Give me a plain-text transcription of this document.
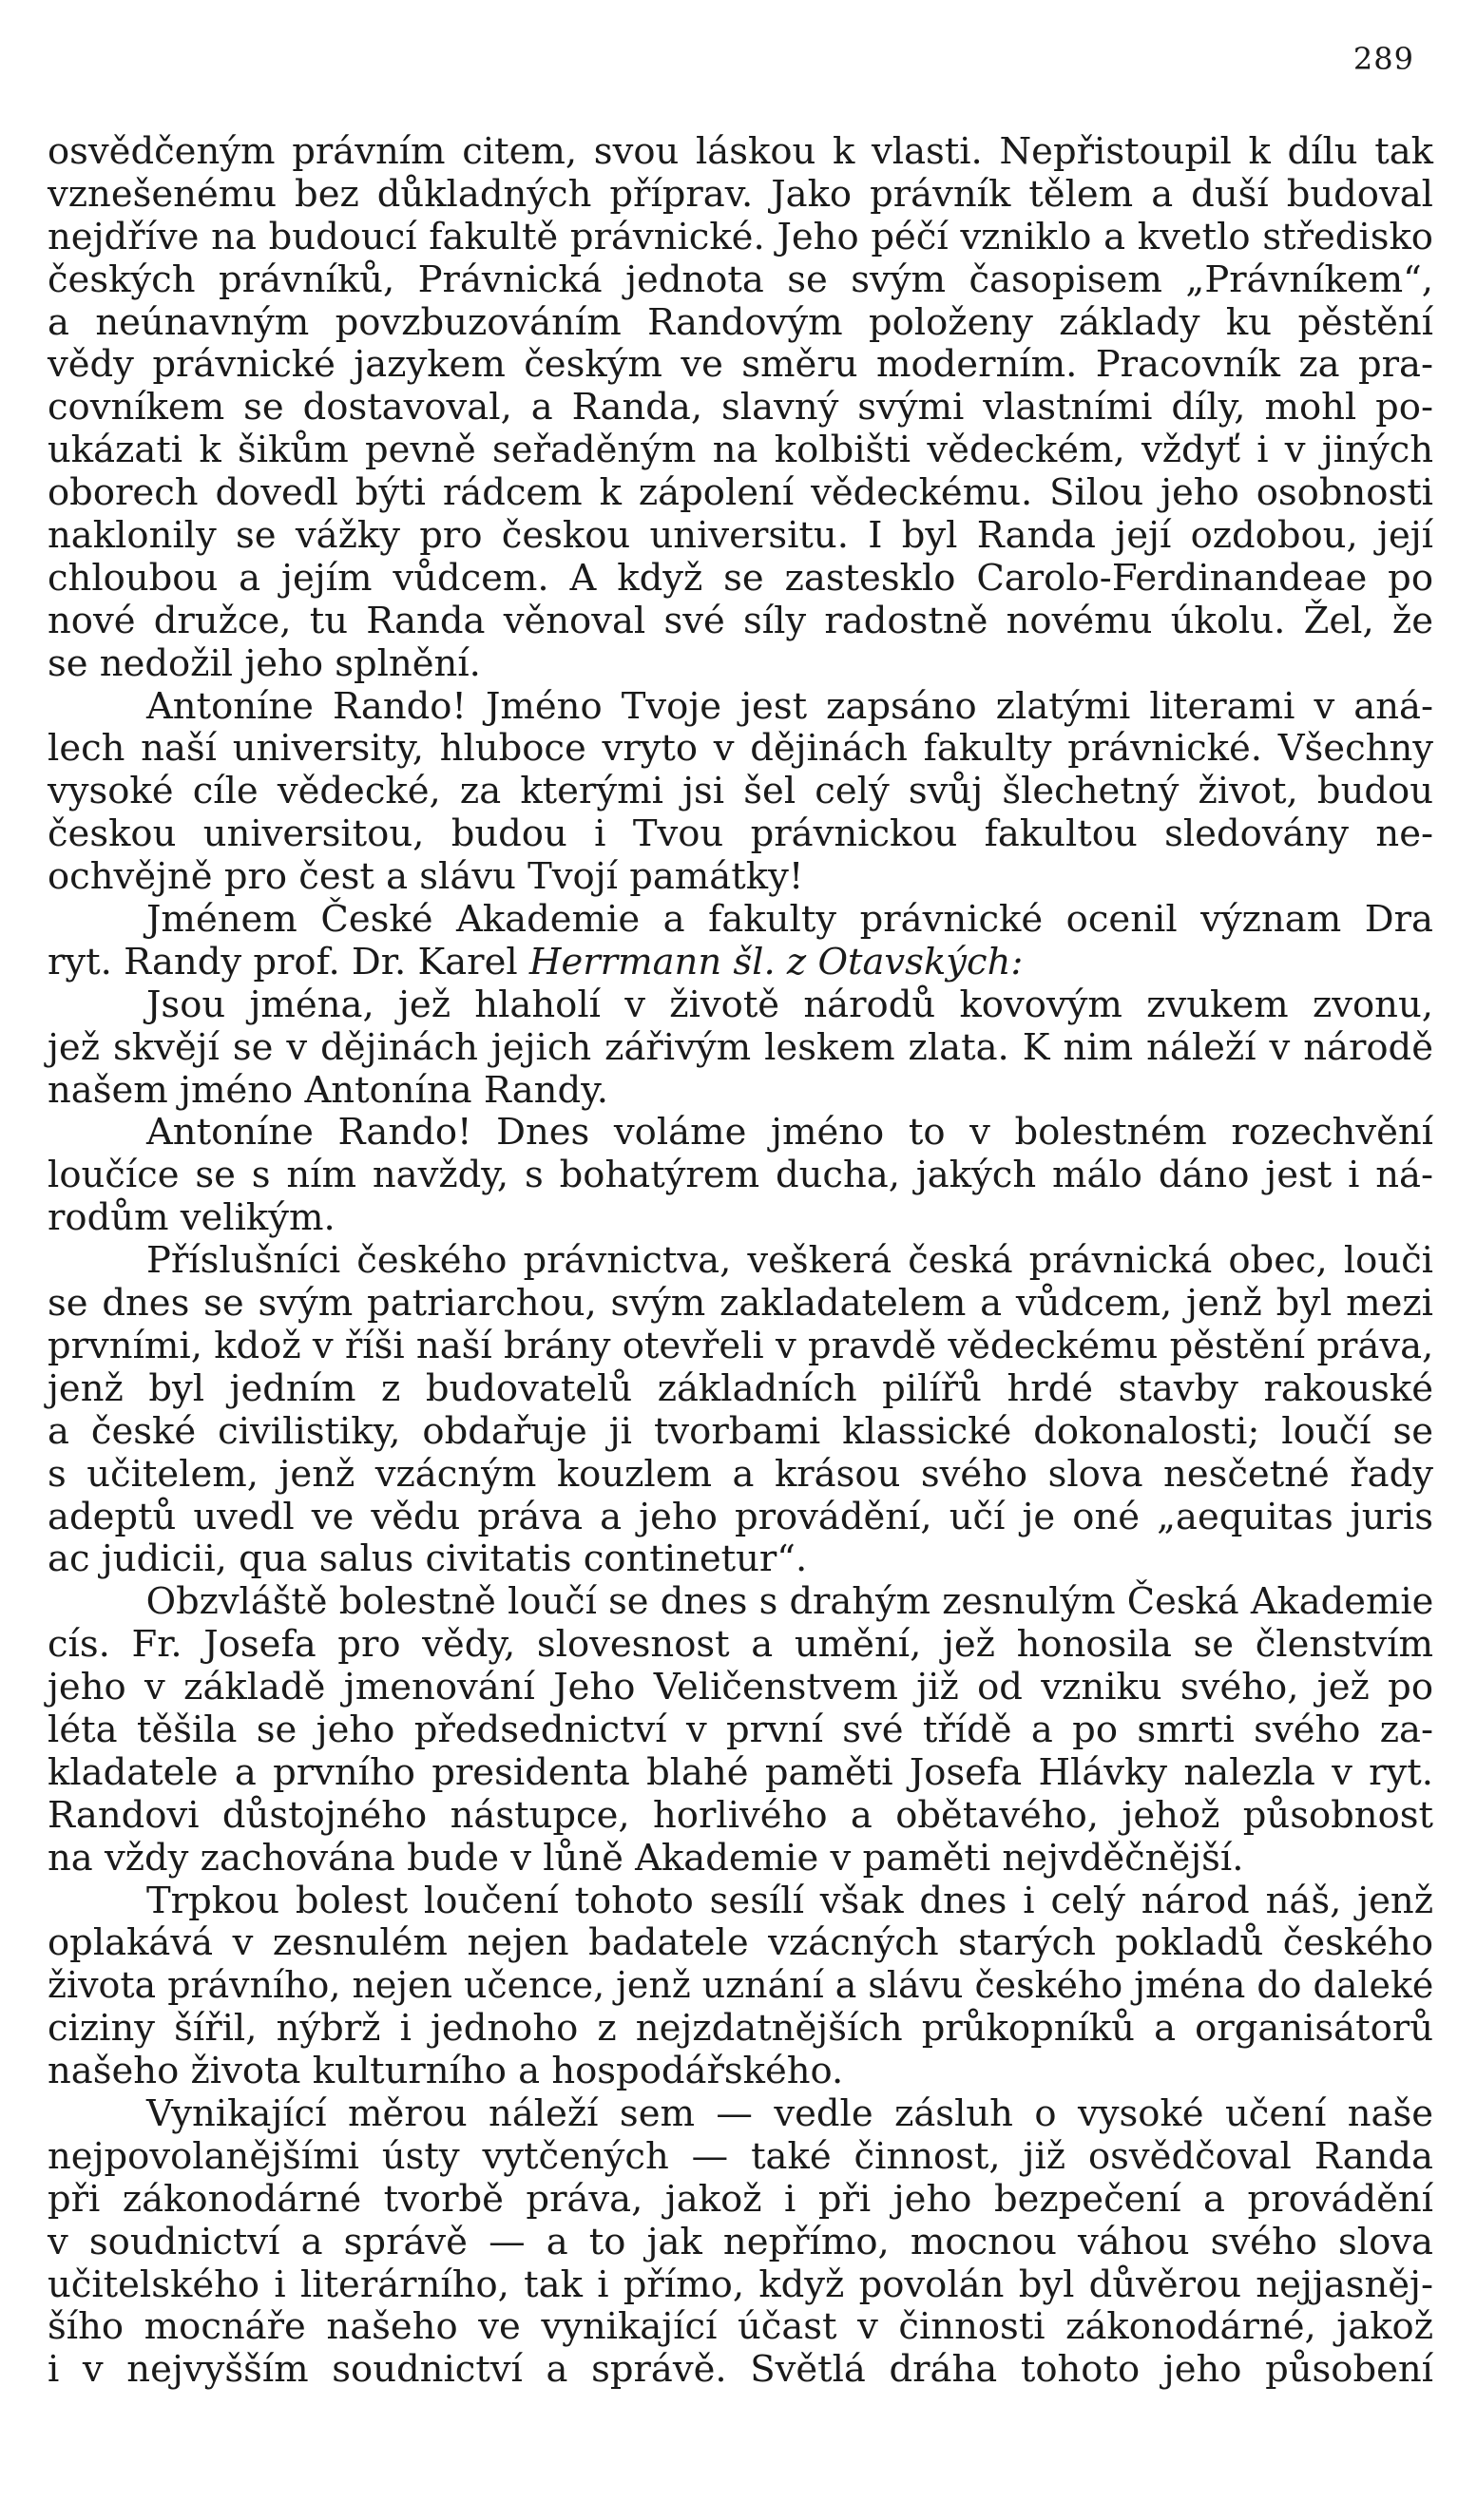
289
osvědčeným právním citem, svou láskou k vlasti. Nepřistoupil k dílu tak
vznešenému bez důkladných příprav. Jako právník tělem a duší budoval
nejdříve na budoucí fakultě právnické. Jeho péčí vzniklo a kvetlo středisko
českých právníků, Právnická jednota se svým časopisem „Právníkem“,
a neúnavným povzbuzováním Randovým položeny základy ku pěstění
vědy právnické jazykem českým ve směru moderním. Pracovník za pra-
covníkem se dostavoval, a Randa, slavný svými vlastními díly, mohl po-
ukázati k šikům pevně seřaděným na kolbišti vědeckém, vždyť i v jiných
oborech dovedl býti rádcem k zápolení vědeckému. Silou jeho osobnosti
naklonily se vážky pro českou universitu. I byl Randa její ozdobou, její
chloubou a jejím vůdcem. A když se zastesklo Carolo-Ferdinandeae po
nové družce, tu Randa věnoval své síly radostně novému úkolu. Žel, že
se nedožil jeho splnění.
Antoníne Rando! Jméno Tvoje jest zapsáno zlatými literami v aná-
lech naší university, hluboce vryto v dějinách fakulty právnické. Všechny
vysoké cíle vědecké, za kterými jsi šel celý svůj šlechetný život, budou
českou universitou, budou i Tvou právnickou fakultou sledovány ne-
ochvějně pro čest a slávu Tvojí památky!
Jménem České Akademie a fakulty právnické ocenil význam Dra
ryt. Randy prof. Dr. Karel Herrmann šl. z Otavských:
Jsou jména, jež hlaholí v životě národů kovovým zvukem zvonu,
jež skvějí se v dějinách jejich zářivým leskem zlata. K nim náleží v národě
našem jméno Antonína Randy.
Antoníne Rando! Dnes voláme jméno to v bolestném rozechvění
loučíce se s ním navždy, s bohatýrem ducha, jakých málo dáno jest i ná-
rodům velikým.
Příslušníci českého právnictva, veškerá česká právnická obec, louči
se dnes se svým patriarchou, svým zakladatelem a vůdcem, jenž byl mezi
prvními, kdož v říši naší brány otevřeli v pravdě vědeckému pěstění práva,
jenž byl jedním z budovatelů základních pilířů hrdé stavby rakouské
a české civilistiky, obdařuje ji tvorbami klassické dokonalosti; loučí se
s učitelem, jenž vzácným kouzlem a krásou svého slova nesčetné řady
adeptů uvedl ve vědu práva a jeho provádění, učí je oné „aequitas juris
ac judicii, qua salus civitatis continetur“.
Obzvláště bolestně loučí se dnes s drahým zesnulým Česká Akademie
cís. Fr. Josefa pro vědy, slovesnost a umění, jež honosila se členstvím
jeho v základě jmenování Jeho Veličenstvem již od vzniku svého, jež po
léta těšila se jeho předsednictví v první své třídě a po smrti svého za-
kladatele a prvního presidenta blahé paměti Josefa Hlávky nalezla v ryt.
Randovi důstojného nástupce, horlivého a obětavého, jehož působnost
na vždy zachována bude v lůně Akademie v paměti nejvděčnější.
Trpkou bolest loučení tohoto sesílí však dnes i celý národ náš, jenž
oplakává v zesnulém nejen badatele vzácných starých pokladů českého
života právního, nejen učence, jenž uznání a slávu českého jména do daleké
ciziny šířil, nýbrž i jednoho z nejzdatnějších průkopníků a organisátorů
našeho života kulturního a hospodářského.
Vynikající měrou náleží sem — vedle zásluh o vysoké učení naše
nejpovolanějšími ústy vytčených — také činnost, již osvědčoval Randa
při zákonodárné tvorbě práva, jakož i při jeho bezpečení a provádění
v soudnictví a správě — a to jak nepřímo, mocnou váhou svého slova
učitelského i literárního, tak i přímo, když povolán byl důvěrou nejjasněj-
šího mocnáře našeho ve vynikající účast v činnosti zákonodárné, jakož
i v nejvyšším soudnictví a správě. Světlá dráha tohoto jeho působení
